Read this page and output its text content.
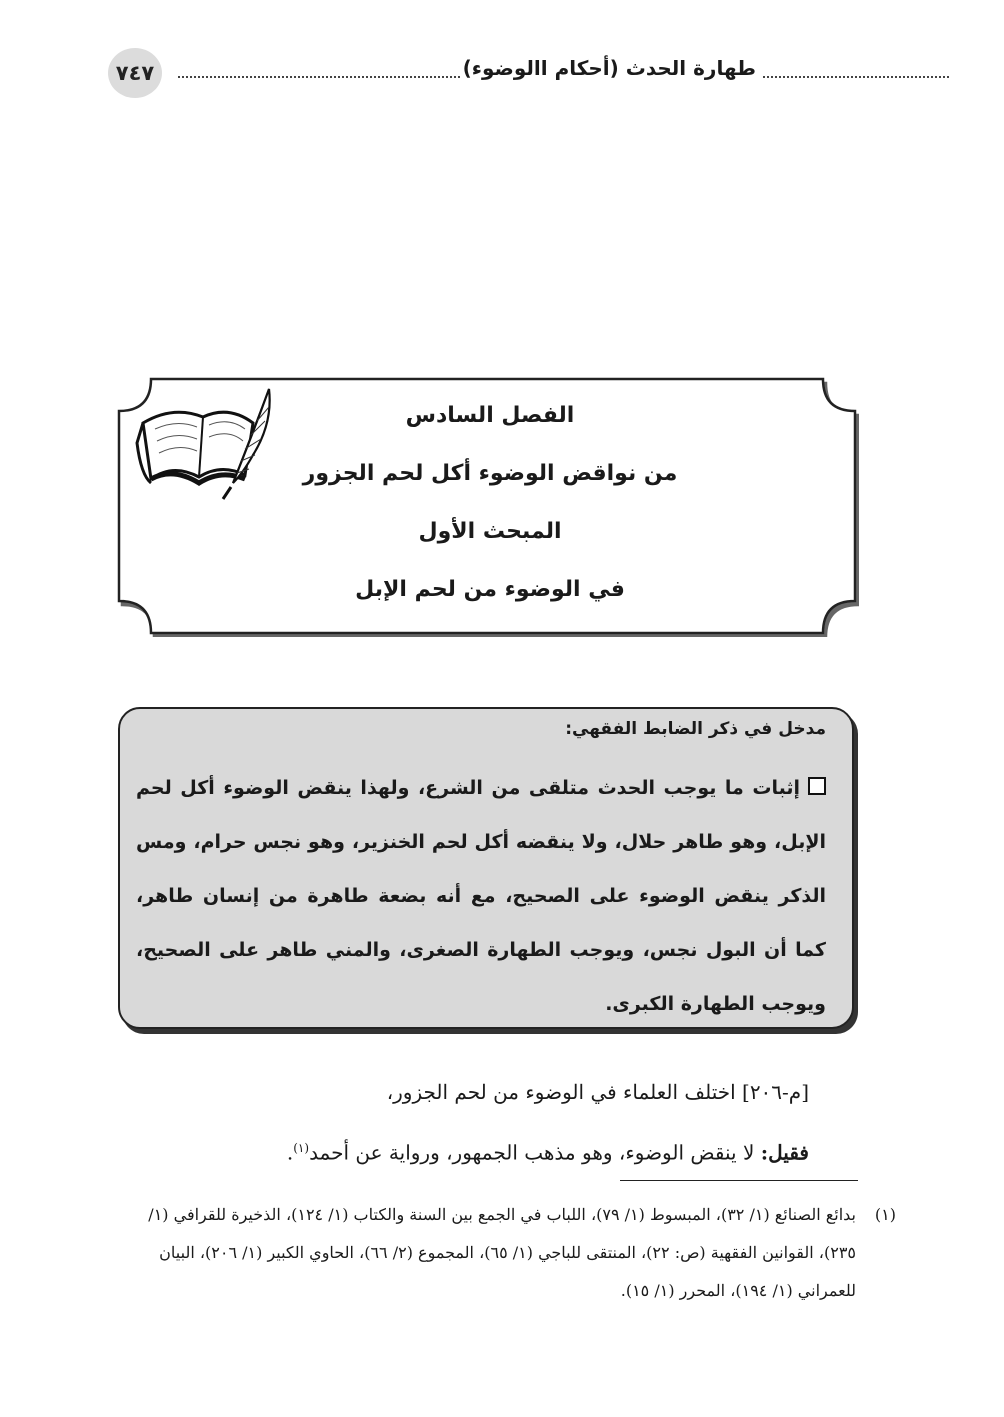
٧٤٧	طهارة الحدث (أحكام االوضوء)
الفصل السادس
من نواقض الوضوء أكل لحم الجزور
المبحث الأول
في الوضوء من لحم الإبل
مدخل في ذكر الضابط الفقهي:
إثبات ما يوجب الحدث متلقى من الشرع، ولهذا ينقض الوضوء أكل لحم الإبل، وهو طاهر حلال، ولا ينقضه أكل لحم الخنزير، وهو نجس حرام، ومس الذكر ينقض الوضوء على الصحيح، مع أنه بضعة طاهرة من إنسان طاهر، كما أن البول نجس، ويوجب الطهارة الصغرى، والمني طاهر على الصحيح، ويوجب الطهارة الكبرى.
[م-٢٠٦] اختلف العلماء في الوضوء من لحم الجزور،
فقيل: لا ينقض الوضوء، وهو مذهب الجمهور، ورواية عن أحمد$^{(١)}$.
(١)
بدائع الصنائع (١/ ٣٢)، المبسوط (١/ ٧٩)، اللباب في الجمع بين السنة والكتاب (١/ ١٢٤)، الذخيرة للقرافي (١/ ٢٣٥)، القوانين الفقهية (ص: ٢٢)، المنتقى للباجي (١/ ٦٥)، المجموع (٢/ ٦٦)، الحاوي الكبير (١/ ٢٠٦)، البيان للعمراني (١/ ١٩٤)، المحرر (١/ ١٥).
